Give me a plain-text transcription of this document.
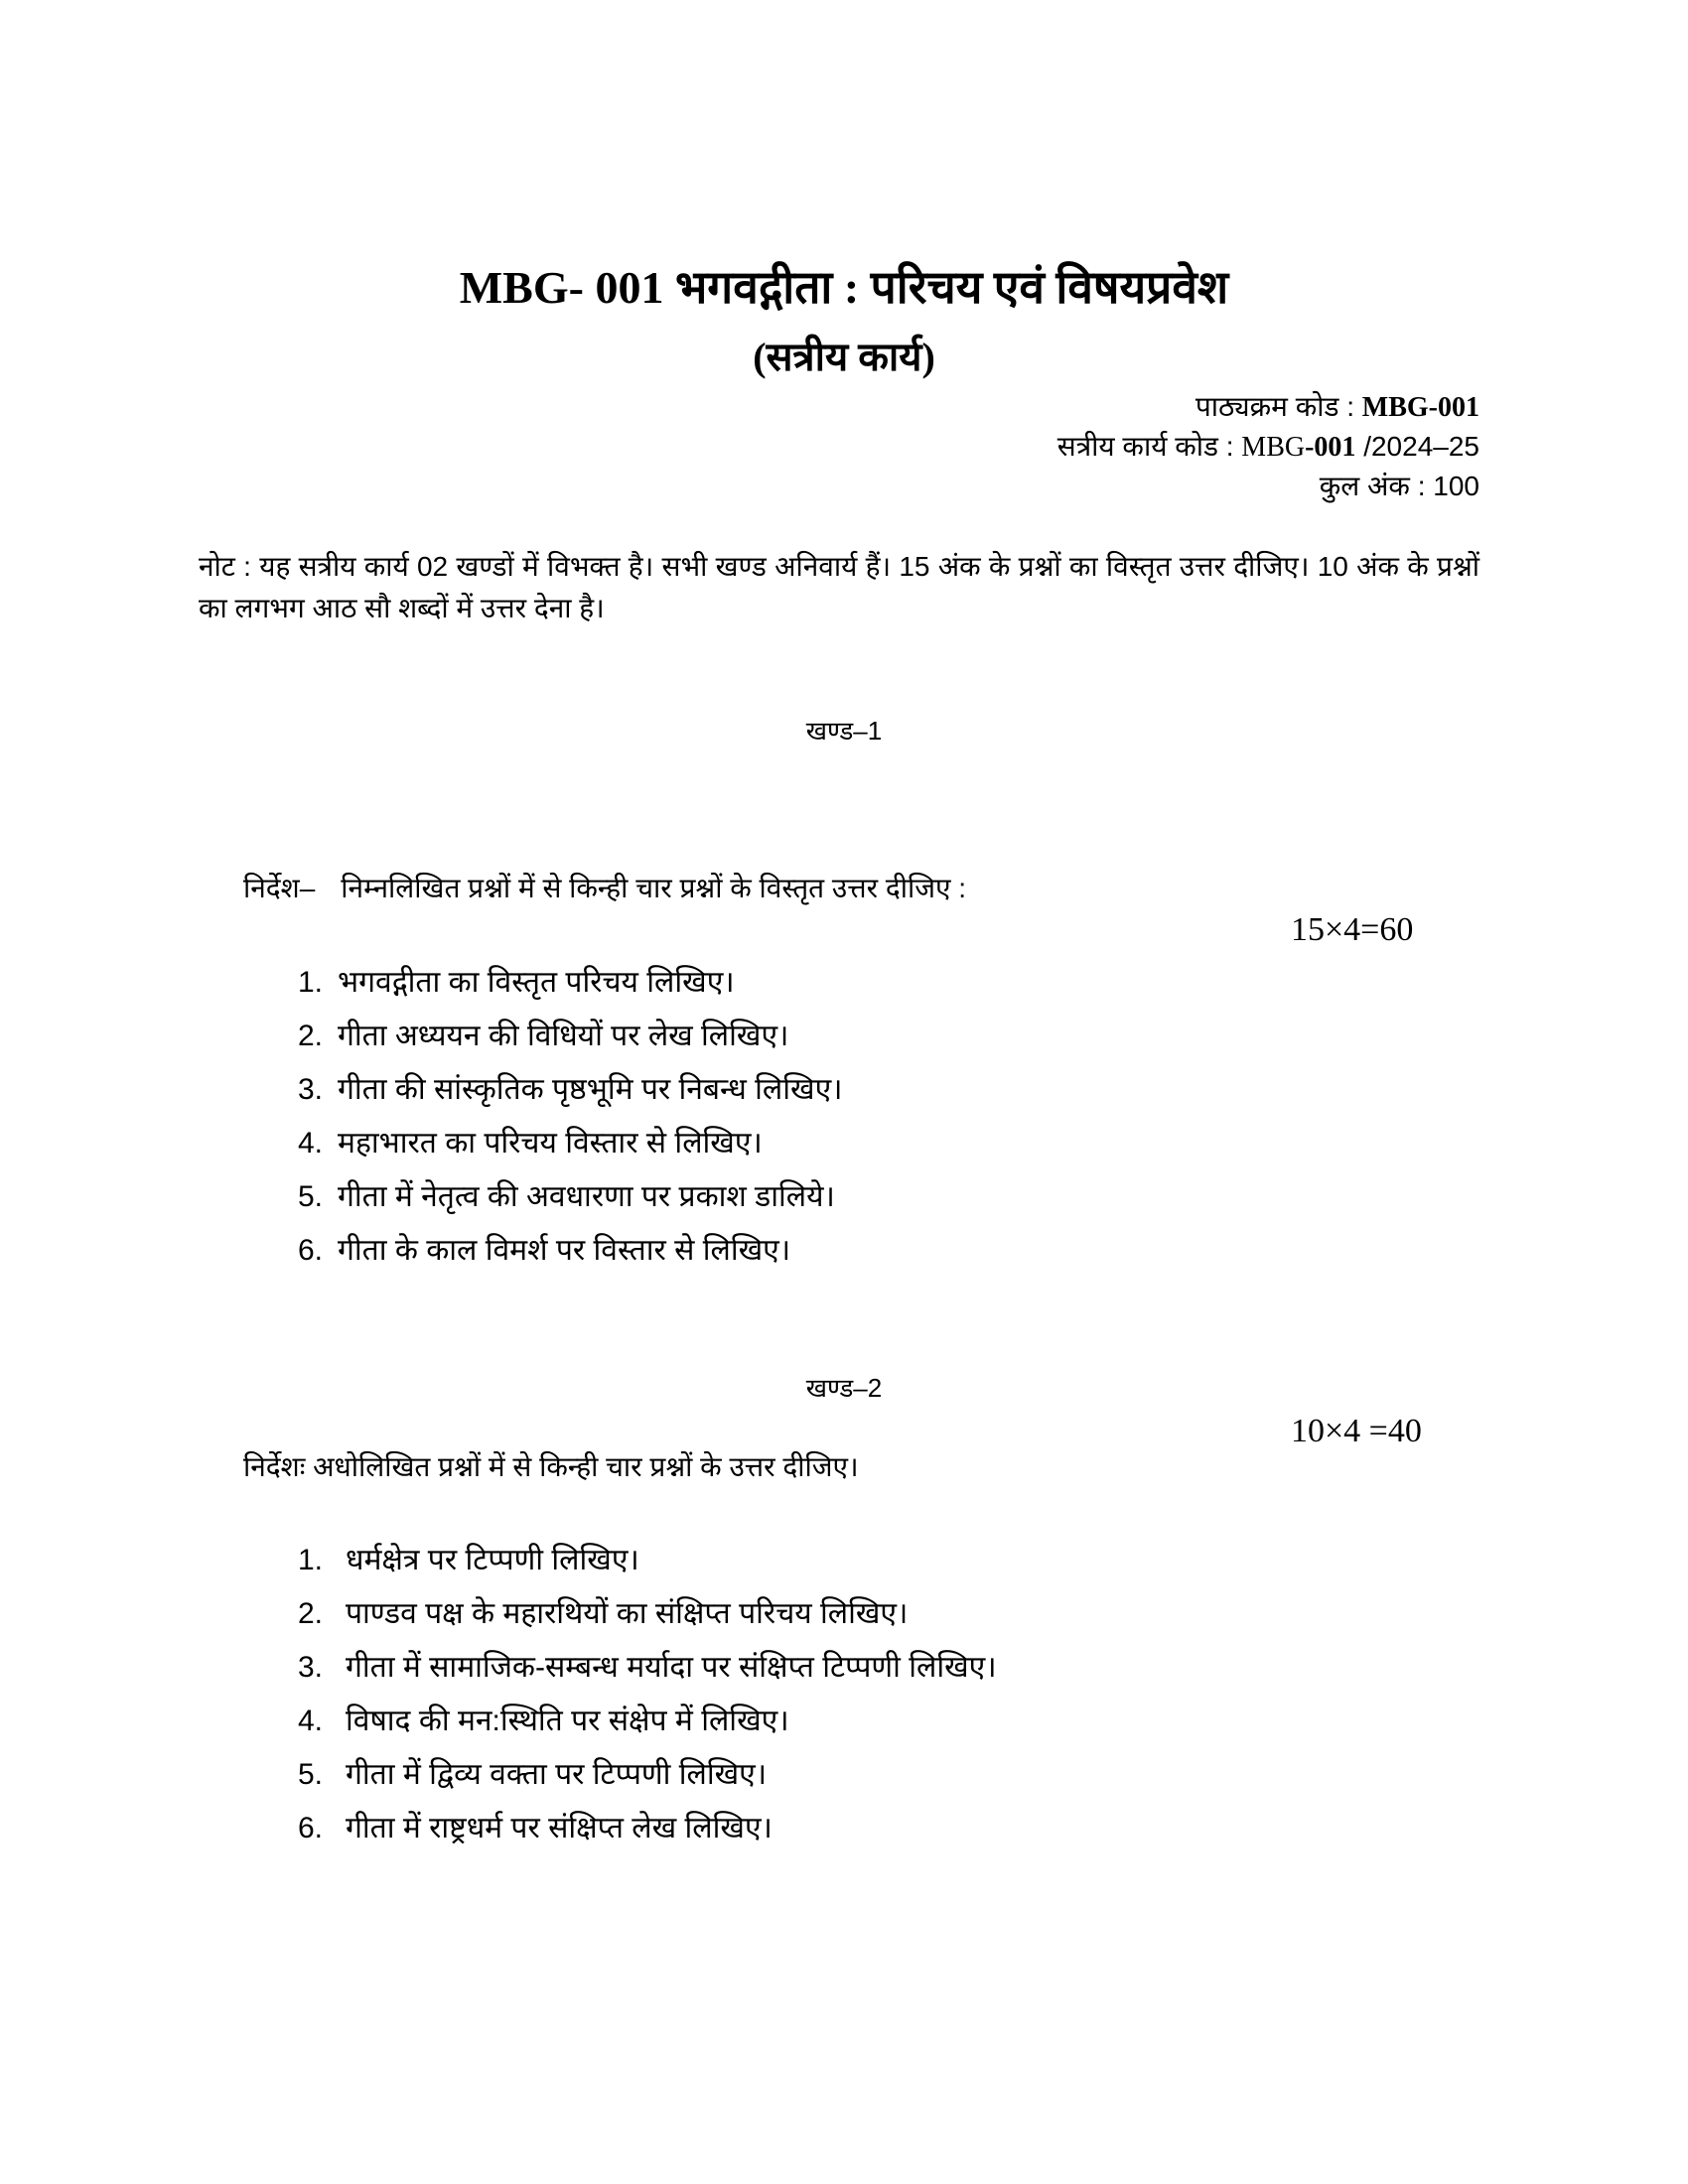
MBG- 001 भगवद्गीता : परिचय एवं विषयप्रवेश
(सत्रीय कार्य)
पाठ्यक्रम कोड : MBG-001
सत्रीय कार्य कोड : MBG-001 /2024–25
कुल अंक : 100
नोट : यह सत्रीय कार्य 02 खण्डों में विभक्त है। सभी खण्ड अनिवार्य हैं। 15 अंक के प्रश्नों का विस्तृत उत्तर दीजिए। 10 अंक के प्रश्नों का लगभग आठ सौ शब्दों में उत्तर देना है।
खण्ड–1
निर्देश– निम्नलिखित प्रश्नों में से किन्ही चार प्रश्नों के विस्तृत उत्तर दीजिए :
15×4=60
1. भगवद्गीता का विस्तृत परिचय लिखिए।
2. गीता अध्ययन की विधियों पर लेख लिखिए।
3. गीता की सांस्कृतिक पृष्ठभूमि पर निबन्ध लिखिए।
4. महाभारत का परिचय विस्तार से लिखिए।
5. गीता में नेतृत्व की अवधारणा पर प्रकाश डालिये।
6. गीता के काल विमर्श पर विस्तार से लिखिए।
खण्ड–2
10×4 =40
निर्देशः अधोलिखित प्रश्नों में से किन्ही चार प्रश्नों के उत्तर दीजिए।
1. धर्मक्षेत्र पर टिप्पणी लिखिए।
2. पाण्डव पक्ष के महारथियों का संक्षिप्त परिचय लिखिए।
3. गीता में सामाजिक-सम्बन्ध मर्यादा पर संक्षिप्त टिप्पणी लिखिए।
4. विषाद की मन:स्थिति पर संक्षेप में लिखिए।
5. गीता में द्विव्य वक्ता पर टिप्पणी लिखिए।
6. गीता में राष्ट्रधर्म पर संक्षिप्त लेख लिखिए।
